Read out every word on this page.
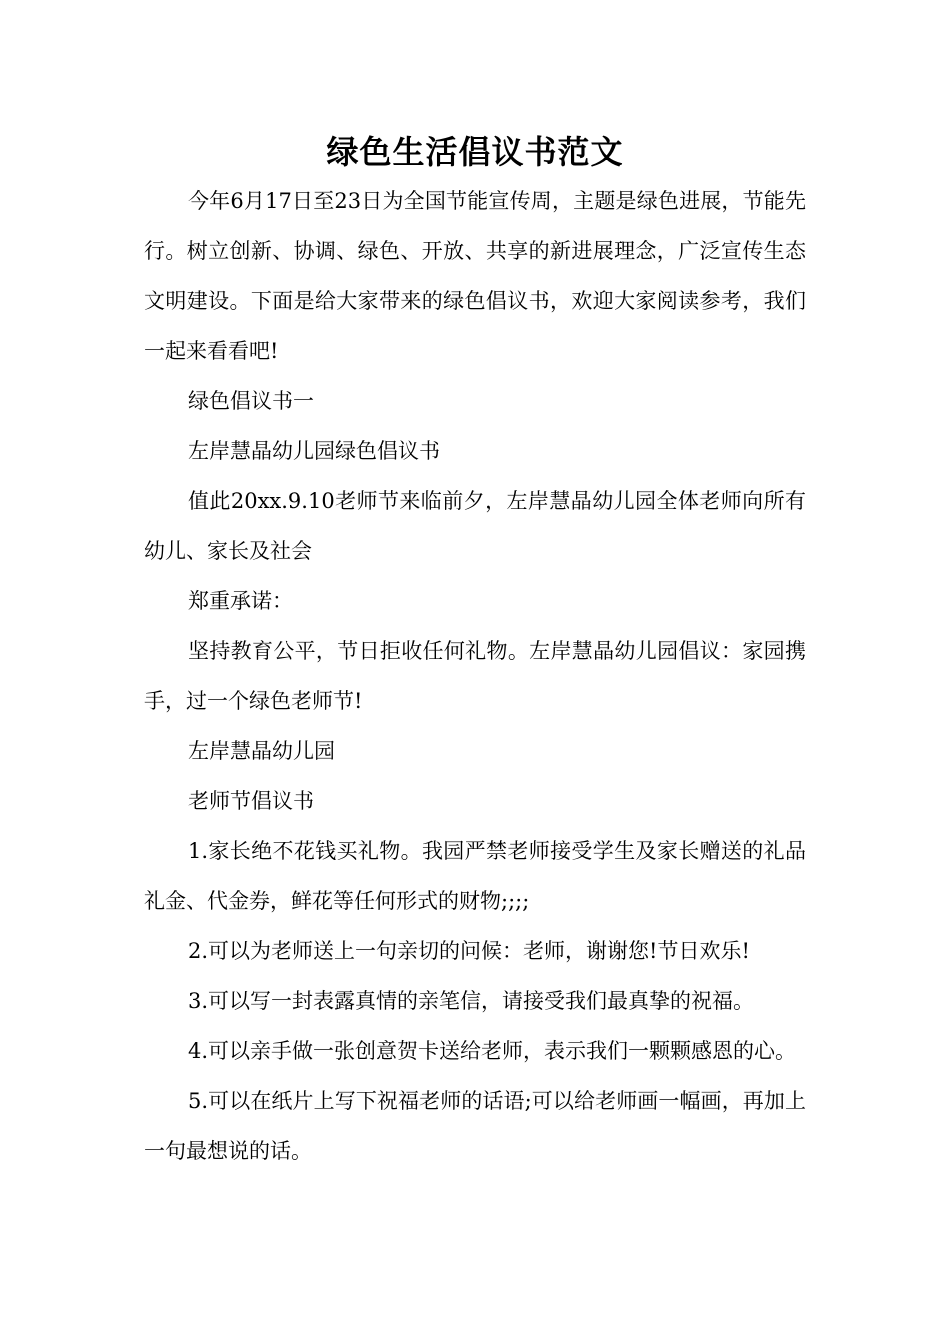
绿色生活倡议书范文

今年6月17日至23日为全国节能宣传周，主题是绿色进展，节能先行。树立创新、协调、绿色、开放、共享的新进展理念，广泛宣传生态文明建设。下面是给大家带来的绿色倡议书，欢迎大家阅读参考，我们一起来看看吧!

绿色倡议书一

左岸慧晶幼儿园绿色倡议书

值此20xx.9.10老师节来临前夕，左岸慧晶幼儿园全体老师向所有幼儿、家长及社会

郑重承诺：

坚持教育公平，节日拒收任何礼物。左岸慧晶幼儿园倡议：家园携手，过一个绿色老师节!

左岸慧晶幼儿园

老师节倡议书

1.家长绝不花钱买礼物。我园严禁老师接受学生及家长赠送的礼品礼金、代金券，鲜花等任何形式的财物;;;;

2.可以为老师送上一句亲切的问候：老师，谢谢您!节日欢乐!

3.可以写一封表露真情的亲笔信，请接受我们最真挚的祝福。

4.可以亲手做一张创意贺卡送给老师，表示我们一颗颗感恩的心。

5.可以在纸片上写下祝福老师的话语;可以给老师画一幅画，再加上一句最想说的话。
